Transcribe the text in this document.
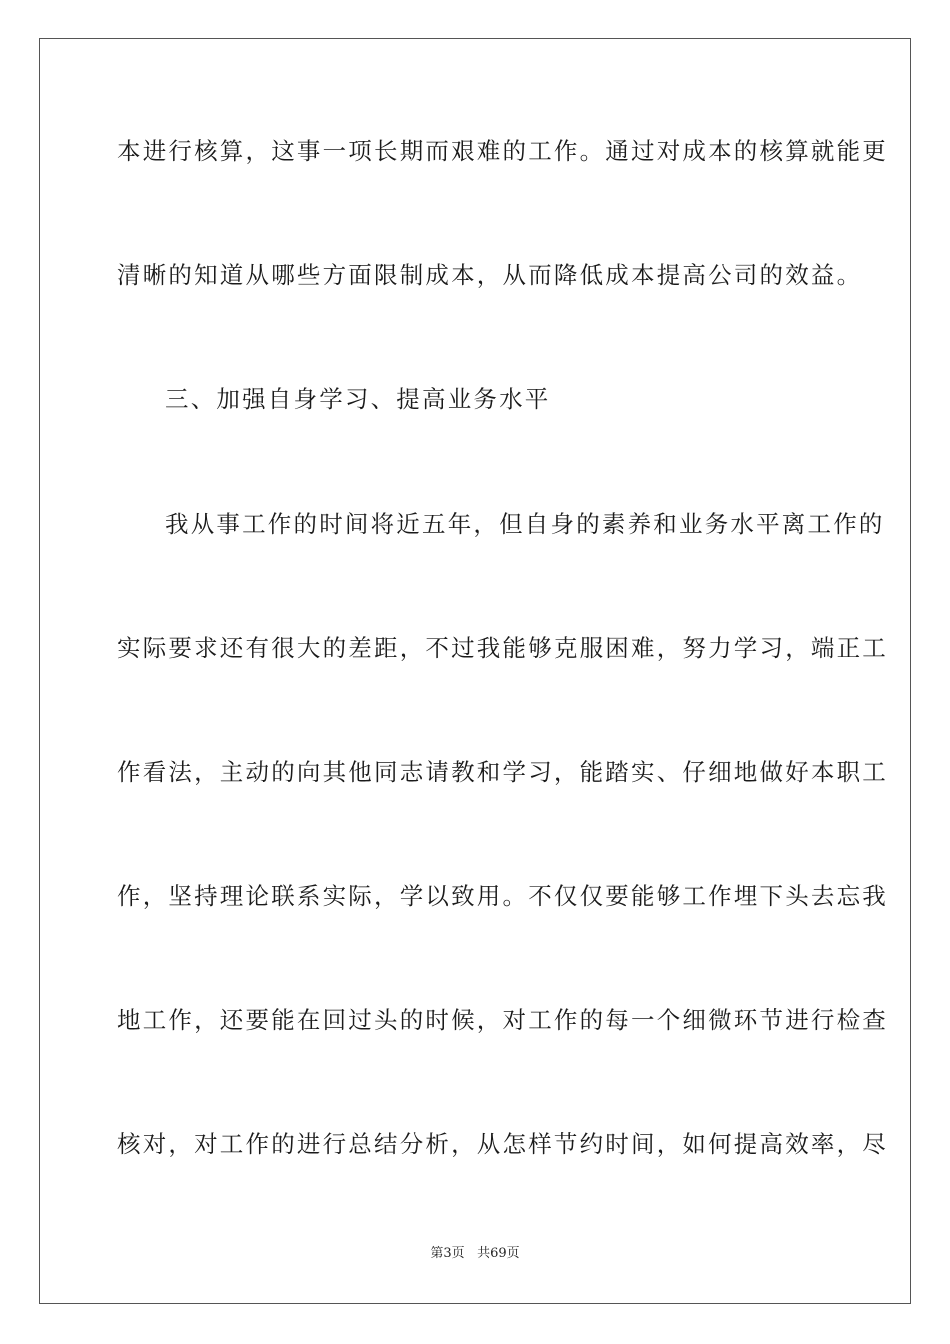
本进行核算，这事一项长期而艰难的工作。通过对成本的核算就能更
清晰的知道从哪些方面限制成本，从而降低成本提高公司的效益。
三、加强自身学习、提高业务水平
我从事工作的时间将近五年，但自身的素养和业务水平离工作的
实际要求还有很大的差距，不过我能够克服困难，努力学习，端正工
作看法，主动的向其他同志请教和学习，能踏实、仔细地做好本职工
作，坚持理论联系实际，学以致用。不仅仅要能够工作埋下头去忘我
地工作，还要能在回过头的时候，对工作的每一个细微环节进行检查
核对，对工作的进行总结分析，从怎样节约时间，如何提高效率，尽
第3页 共69页
